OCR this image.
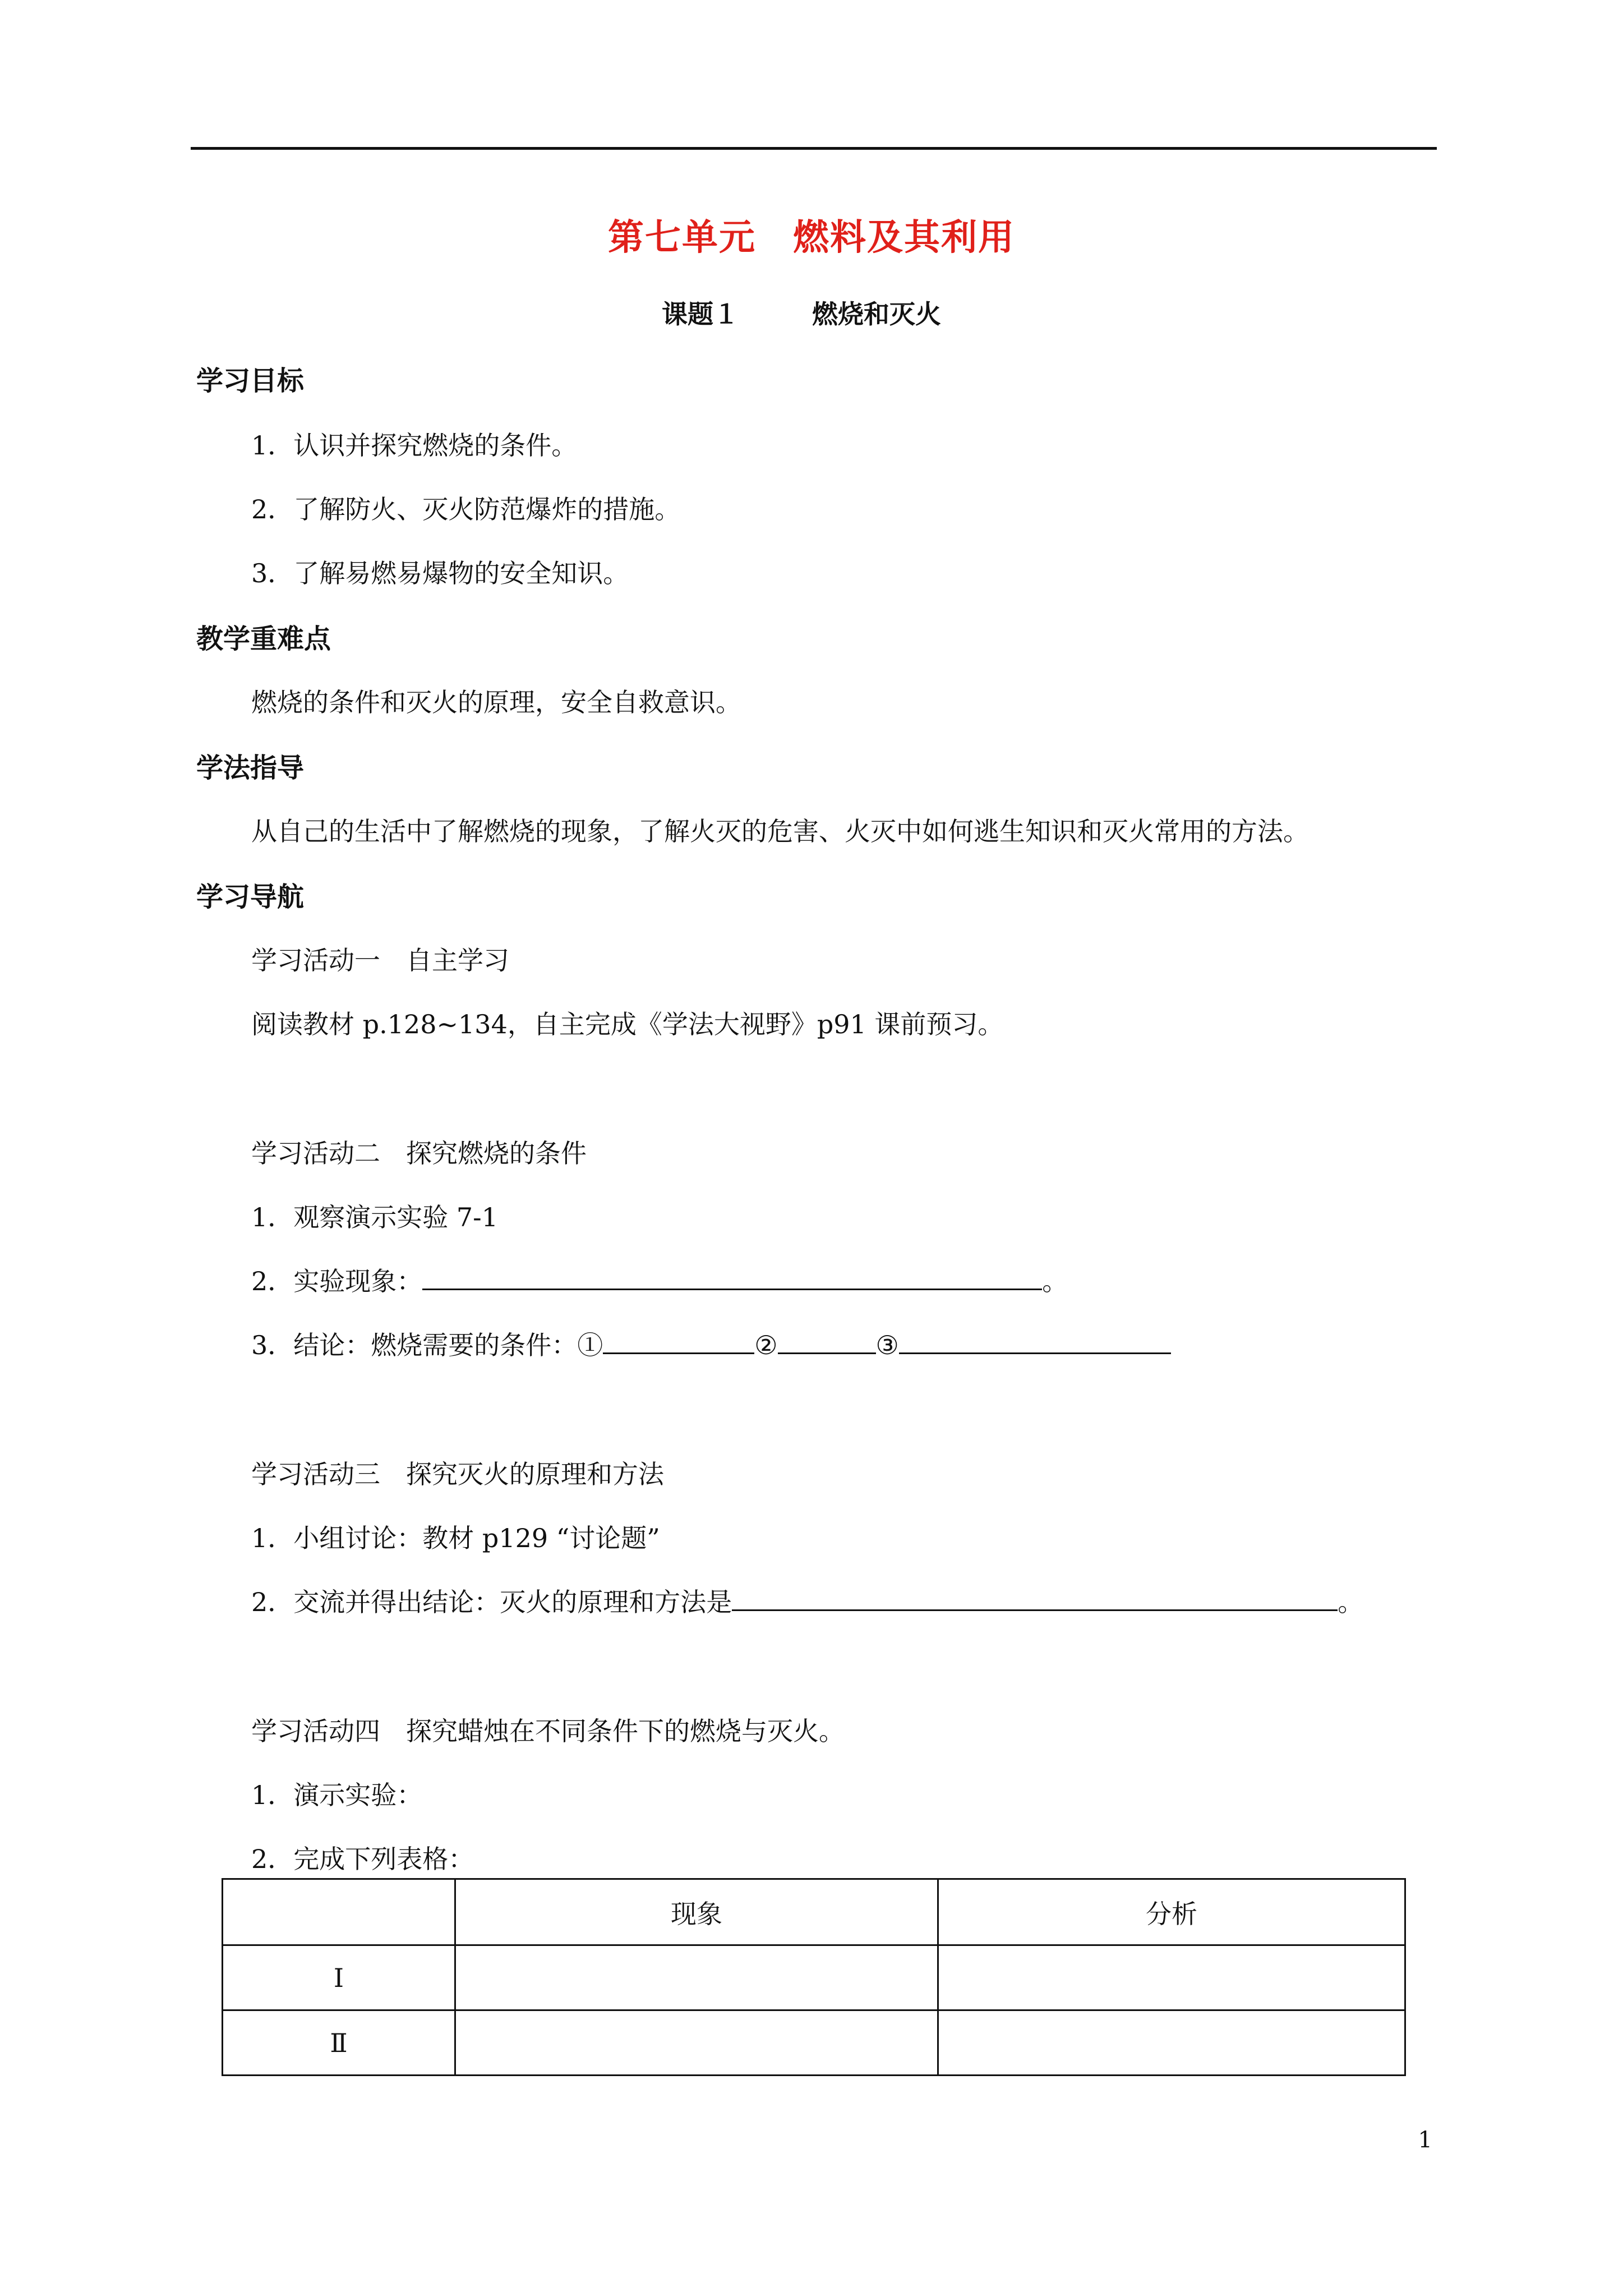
第七单元　燃料及其利用
课题１	燃烧和灭火
学习目标
1．认识并探究燃烧的条件。
2．了解防火、灭火防范爆炸的措施。
3．了解易燃易爆物的安全知识。
教学重难点
燃烧的条件和灭火的原理，安全自救意识。
学法指导
从自己的生活中了解燃烧的现象，了解火灭的危害、火灭中如何逃生知识和灭火常用的方法。
学习导航
学习活动一　自主学习
阅读教材 p.128~134，自主完成《学法大视野》p91 课前预习。
学习活动二　探究燃烧的条件
1．观察演示实验 7-1
2．实验现象：	。
3．结论：燃烧需要的条件：①	②	③
学习活动三　探究灭火的原理和方法
1．小组讨论：教材 p129 “讨论题”
2．交流并得出结论：灭火的原理和方法是	。
学习活动四　探究蜡烛在不同条件下的燃烧与灭火。
1．演示实验：
2．完成下列表格：
	现象	分析
Ⅰ		
Ⅱ		
1
